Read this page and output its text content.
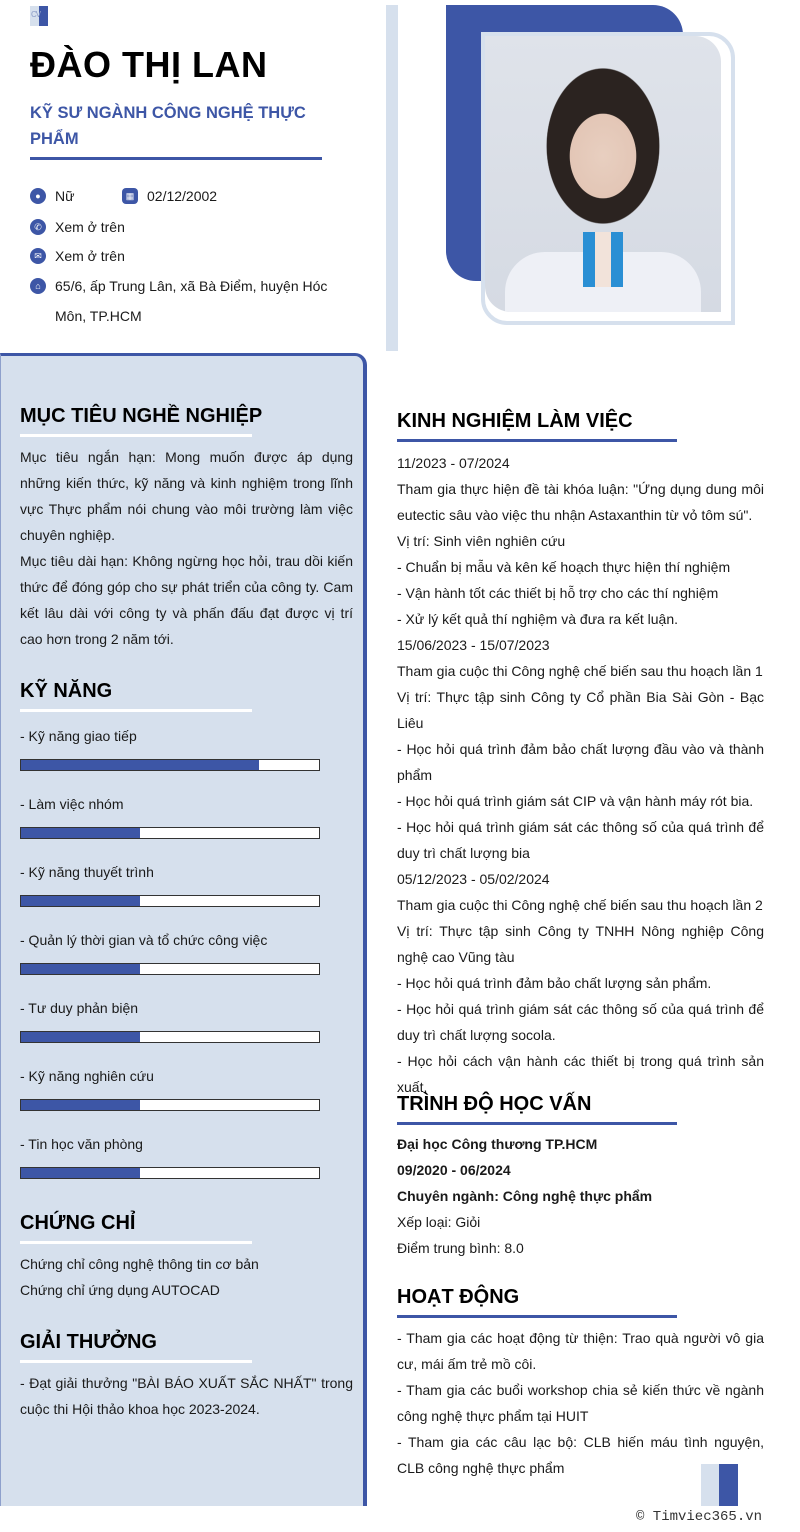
CV
ĐÀO THỊ LAN
KỸ SƯ NGÀNH CÔNG NGHỆ THỰC PHẨM
●	Nữ	▦ 02/12/2002
✆ Xem ở trên
✉ Xem ở trên
⌂	65/6, ấp Trung Lân, xã Bà Điểm, huyện Hóc Môn, TP.HCM
MỤC TIÊU NGHỀ NGHIỆP

Mục tiêu ngắn hạn: Mong muốn được áp dụng những kiến thức, kỹ năng và kinh nghiệm trong lĩnh vực Thực phẩm nói chung vào môi trường làm việc chuyên nghiệp.

Mục tiêu dài hạn: Không ngừng học hỏi, trau dồi kiến thức để đóng góp cho sự phát triển của công ty. Cam kết lâu dài với công ty và phấn đấu đạt được vị trí cao hơn trong 2 năm tới.

KỸ NĂNG
- Kỹ năng giao tiếp
- Làm việc nhóm
- Kỹ năng thuyết trình
- Quản lý thời gian và tổ chức công việc
- Tư duy phản biện
- Kỹ năng nghiên cứu
- Tin học văn phòng
CHỨNG CHỈ

Chứng chỉ công nghệ thông tin cơ bản

Chứng chỉ ứng dụng AUTOCAD

GIẢI THƯỞNG
- Đạt giải thưởng "BÀI BÁO XUẤT SẮC NHẤT" trong cuộc thi Hội thảo khoa học 2023-2024.
KINH NGHIỆM LÀM VIỆC

11/2023 - 07/2024

Tham gia thực hiện đề tài khóa luận: "Ứng dụng dung môi eutectic sâu vào việc thu nhận Astaxanthin từ vỏ tôm sú".

Vị trí: Sinh viên nghiên cứu

- Chuẩn bị mẫu và kên kế hoạch thực hiện thí nghiệm

- Vận hành tốt các thiết bị hỗ trợ cho các thí nghiệm

- Xử lý kết quả thí nghiệm và đưa ra kết luận.

15/06/2023 - 15/07/2023

Tham gia cuộc thi Công nghệ chế biến sau thu hoạch lần 1

Vị trí: Thực tập sinh Công ty Cổ phần Bia Sài Gòn - Bạc Liêu

- Học hỏi quá trình đảm bảo chất lượng đầu vào và thành phẩm

- Học hỏi quá trình giám sát CIP và vận hành máy rót bia.

- Học hỏi quá trình giám sát các thông số của quá trình để duy trì chất lượng bia

05/12/2023 - 05/02/2024

Tham gia cuộc thi Công nghệ chế biến sau thu hoạch lần 2

Vị trí: Thực tập sinh Công ty TNHH Nông nghiệp Công nghệ cao Vũng tàu

- Học hỏi quá trình đảm bảo chất lượng sản phẩm.

- Học hỏi quá trình giám sát các thông số của quá trình để duy trì chất lượng socola.

- Học hỏi cách vận hành các thiết bị trong quá trình sản xuất.

TRÌNH ĐỘ HỌC VẤN

Đại học Công thương TP.HCM

09/2020 - 06/2024

Chuyên ngành: Công nghệ thực phẩm

Xếp loại: Giỏi

Điểm trung bình: 8.0

HOẠT ĐỘNG

- Tham gia các hoạt động từ thiện: Trao quà người vô gia cư, mái ấm trẻ mồ côi.

- Tham gia các buổi workshop chia sẻ kiến thức về ngành công nghệ thực phẩm tại HUIT

- Tham gia các câu lạc bộ: CLB hiến máu tình nguyện, CLB công nghệ thực phẩm

© Timviec365.vn
